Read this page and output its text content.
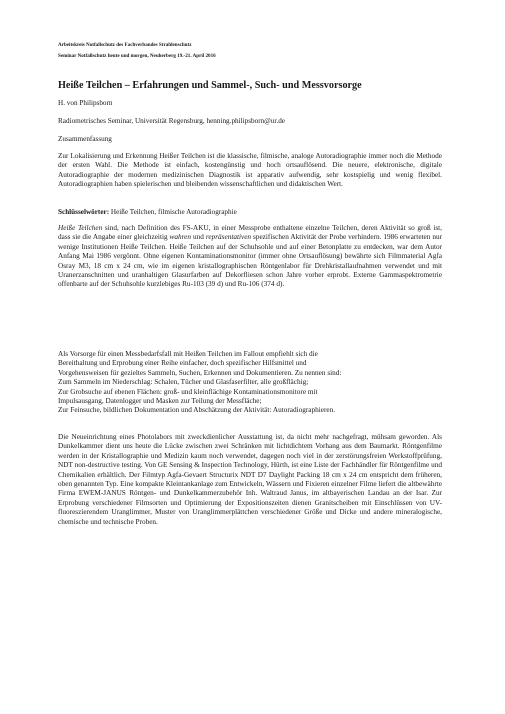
Arbeitskreis Notfallschutz des Fachverbandes Strahlenschutz
Seminar Notfallschutz heute und morgen, Neuherberg 19.-21. April 2016
Heiße Teilchen – Erfahrungen und Sammel-, Such- und Messvorsorge
H. von Philipsborn
Radiometrisches Seminar, Universität Regensburg, henning.philipsborn@ur.de
Zusammenfassung
Zur Lokalisierung und Erkennung Heißer Teilchen ist die klassische, filmische, analoge Autoradiographie immer noch die Methode der ersten Wahl. Die Methode ist einfach, kostengünstig und hoch ortsauflösend. Die neuere, elektronische, digitale Autoradiographie der modernen medizinischen Diagnostik ist apparativ aufwendig, sehr kostspielig und wenig flexibel. Autoradiographien haben spielerischen und bleibenden wissenschaftlichen und didaktischen Wert.
Schlüsselwörter: Heiße Teilchen, filmische Autoradiographie
Heiße Teilchen sind, nach Definition des FS-AKU, in einer Messprobe enthaltene einzelne Teilchen, deren Aktivität so groß ist, dass sie die Angabe einer gleichzeitig wahren und repräsentativen spezifischen Aktivität der Probe verhindern. 1986 erwarteten nur wenige Institutionen Heiße Teilchen. Heiße Teilchen auf der Schuhsohle und auf einer Betonplatte zu entdecken, war dem Autor Anfang Mai 1986 vergönnt. Ohne eigenen Kontaminationsmonitor (immer ohne Ortsauflösung) bewährte sich Filmmaterial Agfa Osray M3, 18 cm x 24 cm, wie im eigenen kristallographischen Röntgenlabor für Drehkristallaufnahmen verwendet und mit Uranerzanschnitten und uranhaltigen Glasurfarben auf Dekorfliesen schon Jahre vorher erprobt. Externe Gammaspektrometrie offenbarte auf der Schuhsohle kurzlebiges Ru-103 (39 d) und Ru-106 (374 d).
Als Vorsorge für einen Messbedarfsfall mit Heißen Teilchen im Fallout empfiehlt sich die
Bereithaltung und Erprobung einer Reihe einfacher, doch spezifischer Hilfsmittel und
Vorgehensweisen für gezieltes Sammeln, Suchen, Erkennen und Dokumentieren. Zu nennen sind:
Zum Sammeln im Niederschlag: Schalen, Tücher und Glasfaserfilter, alle großflächig;
Zur Grobsuche auf ebenen Flächen: groß- und kleinflächige Kontaminationsmonitore mit
Impulsausgang, Datenlogger und Masken zur Teilung der Messfläche;
Zur Feinsuche, bildlichen Dokumentation und Abschätzung der Aktivität: Autoradiographieren.
Die Neueinrichtung eines Photolabors mit zweckdienlicher Ausstattung ist, da nicht mehr nachgefragt, mühsam geworden. Als Dunkelkammer dient uns heute die Lücke zwischen zwei Schränken mit lichtdichtem Vorhang aus dem Baumarkt. Röntgenfilme werden in der Kristallographie und Medizin kaum noch verwendet, dagegen noch viel in der zerstörungsfreien Werkstoffprüfung, NDT non-destructive testing. Von GE Sensing & Inspection Technology, Hürth, ist eine Liste der Fachhändler für Röntgenfilme und Chemikalien erhältlich. Der Filmtyp Agfa-Gevaert Structurix NDT D7 Daylight Packing 18 cm x 24 cm entspricht dem früheren, oben genannten Typ. Eine kompakte Kleintankanlage zum Entwickeln, Wässern und Fixieren einzelner Filme liefert die altbewährte Firma EWEM-JANUS Röntgen- und Dunkelkammerzubehör Inh. Waltraud Janus, im altbayerischen Landau an der Isar. Zur Erprobung verschiedener Filmsorten und Optimierung der Expositionszeiten dienen Granitscheiben mit Einschlüssen von UV-fluoreszierendem Uranglimmer, Muster von Uranglimmerplättchen verschiedener Größe und Dicke und andere mineralogische, chemische und technische Proben.
